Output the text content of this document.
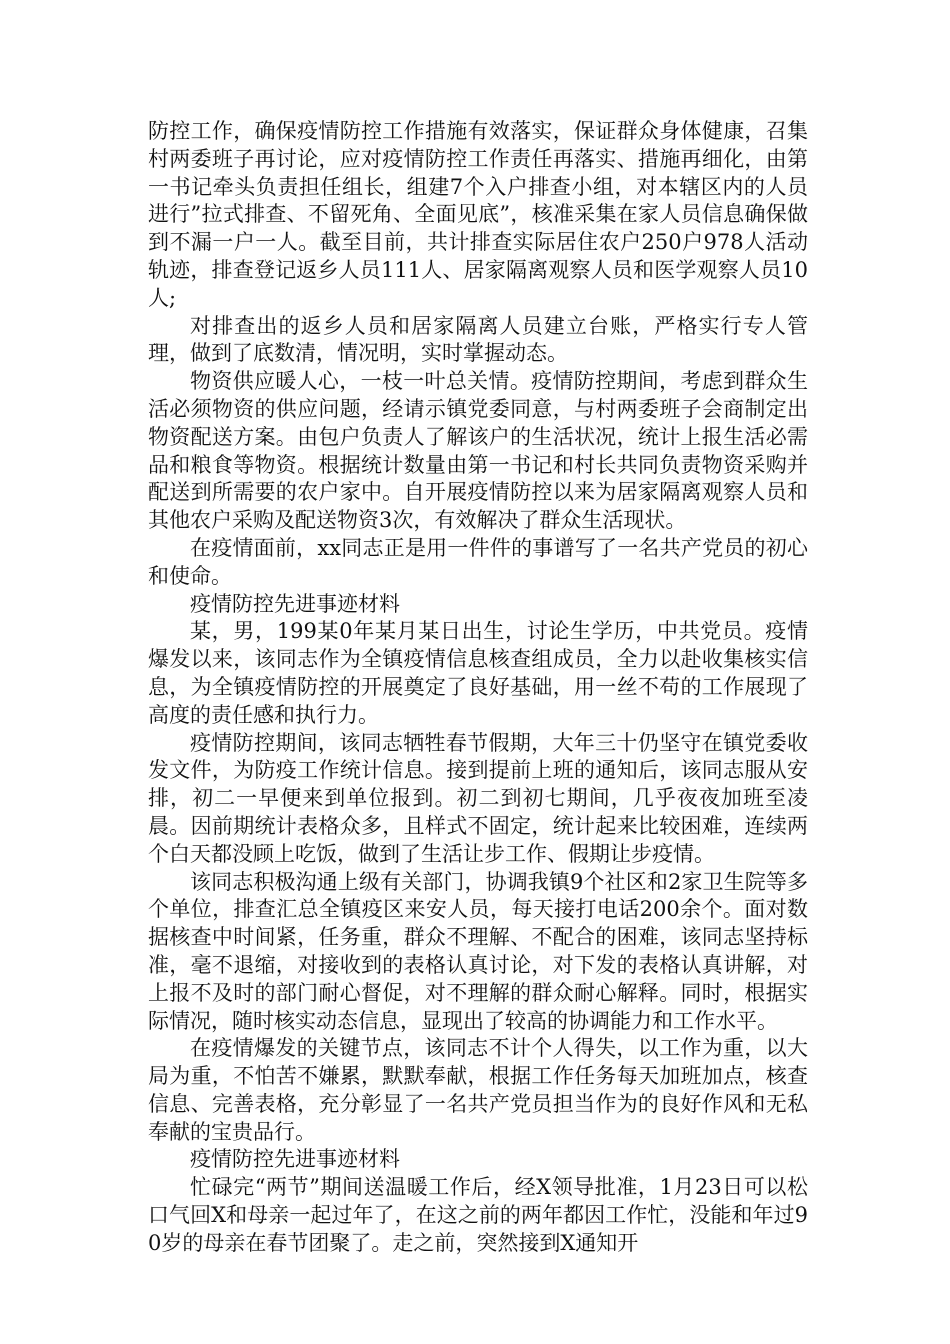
防控工作，确保疫情防控工作措施有效落实，保证群众身体健康，召集村两委班子再讨论，应对疫情防控工作责任再落实、措施再细化，由第一书记牵头负责担任组长，组建7个入户排查小组，对本辖区内的人员进行”拉式排查、不留死角、全面见底”，核准采集在家人员信息确保做到不漏一户一人。截至目前，共计排查实际居住农户250户978人活动轨迹，排查登记返乡人员111人、居家隔离观察人员和医学观察人员10人;

对排查出的返乡人员和居家隔离人员建立台账，严格实行专人管理，做到了底数清，情况明，实时掌握动态。

物资供应暖人心，一枝一叶总关情。疫情防控期间，考虑到群众生活必须物资的供应问题，经请示镇党委同意，与村两委班子会商制定出物资配送方案。由包户负责人了解该户的生活状况，统计上报生活必需品和粮食等物资。根据统计数量由第一书记和村长共同负责物资采购并配送到所需要的农户家中。自开展疫情防控以来为居家隔离观察人员和其他农户采购及配送物资3次，有效解决了群众生活现状。

在疫情面前，xx同志正是用一件件的事谱写了一名共产党员的初心和使命。

疫情防控先进事迹材料

某，男，199某0年某月某日出生，讨论生学历，中共党员。疫情爆发以来，该同志作为全镇疫情信息核查组成员，全力以赴收集核实信息，为全镇疫情防控的开展奠定了良好基础，用一丝不苟的工作展现了高度的责任感和执行力。

疫情防控期间，该同志牺牲春节假期，大年三十仍坚守在镇党委收发文件，为防疫工作统计信息。接到提前上班的通知后，该同志服从安排，初二一早便来到单位报到。初二到初七期间，几乎夜夜加班至凌晨。因前期统计表格众多，且样式不固定，统计起来比较困难，连续两个白天都没顾上吃饭，做到了生活让步工作、假期让步疫情。

该同志积极沟通上级有关部门，协调我镇9个社区和2家卫生院等多个单位，排查汇总全镇疫区来安人员，每天接打电话200余个。面对数据核查中时间紧，任务重，群众不理解、不配合的困难，该同志坚持标准，毫不退缩，对接收到的表格认真讨论，对下发的表格认真讲解，对上报不及时的部门耐心督促，对不理解的群众耐心解释。同时，根据实际情况，随时核实动态信息，显现出了较高的协调能力和工作水平。

在疫情爆发的关键节点，该同志不计个人得失，以工作为重，以大局为重，不怕苦不嫌累，默默奉献，根据工作任务每天加班加点，核查信息、完善表格，充分彰显了一名共产党员担当作为的良好作风和无私奉献的宝贵品行。

疫情防控先进事迹材料

忙碌完“两节”期间送温暖工作后，经X领导批准，1月23日可以松口气回X和母亲一起过年了，在这之前的两年都因工作忙，没能和年过90岁的母亲在春节团聚了。走之前，突然接到X通知开
